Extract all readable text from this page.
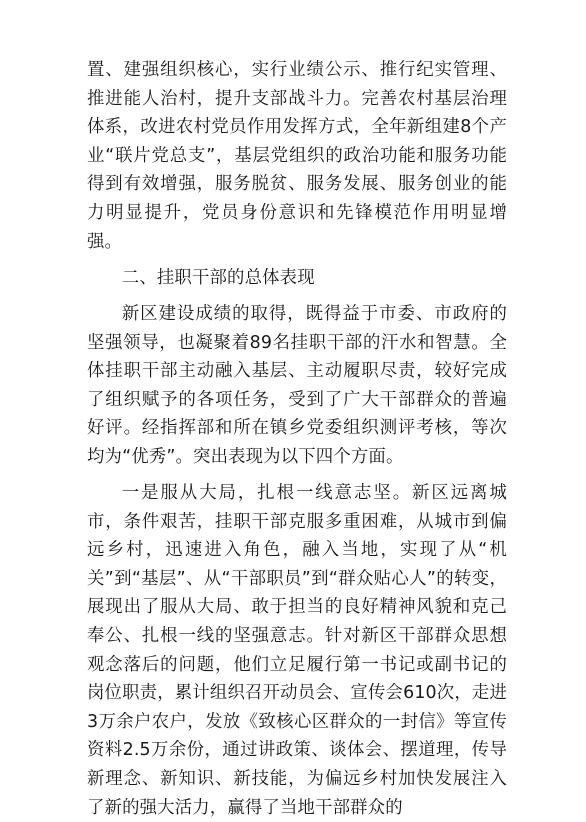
置、建强组织核心，实行业绩公示、推行纪实管理、推进能人治村，提升支部战斗力。完善农村基层治理体系，改进农村党员作用发挥方式，全年新组建8个产业“联片党总支”，基层党组织的政治功能和服务功能得到有效增强，服务脱贫、服务发展、服务创业的能力明显提升，党员身份意识和先锋模范作用明显增强。

二、挂职干部的总体表现

新区建设成绩的取得，既得益于市委、市政府的坚强领导，也凝聚着89名挂职干部的汗水和智慧。全体挂职干部主动融入基层、主动履职尽责，较好完成了组织赋予的各项任务，受到了广大干部群众的普遍好评。经指挥部和所在镇乡党委组织测评考核，等次均为“优秀”。突出表现为以下四个方面。

一是服从大局，扎根一线意志坚。新区远离城市，条件艰苦，挂职干部克服多重困难，从城市到偏远乡村，迅速进入角色，融入当地，实现了从“机关”到“基层”、从“干部职员”到“群众贴心人”的转变，展现出了服从大局、敢于担当的良好精神风貌和克己奉公、扎根一线的坚强意志。针对新区干部群众思想观念落后的问题，他们立足履行第一书记或副书记的岗位职责，累计组织召开动员会、宣传会610次，走进3万余户农户，发放《致核心区群众的一封信》等宣传资料2.5万余份，通过讲政策、谈体会、摆道理，传导新理念、新知识、新技能，为偏远乡村加快发展注入了新的强大活力，赢得了当地干部群众的
